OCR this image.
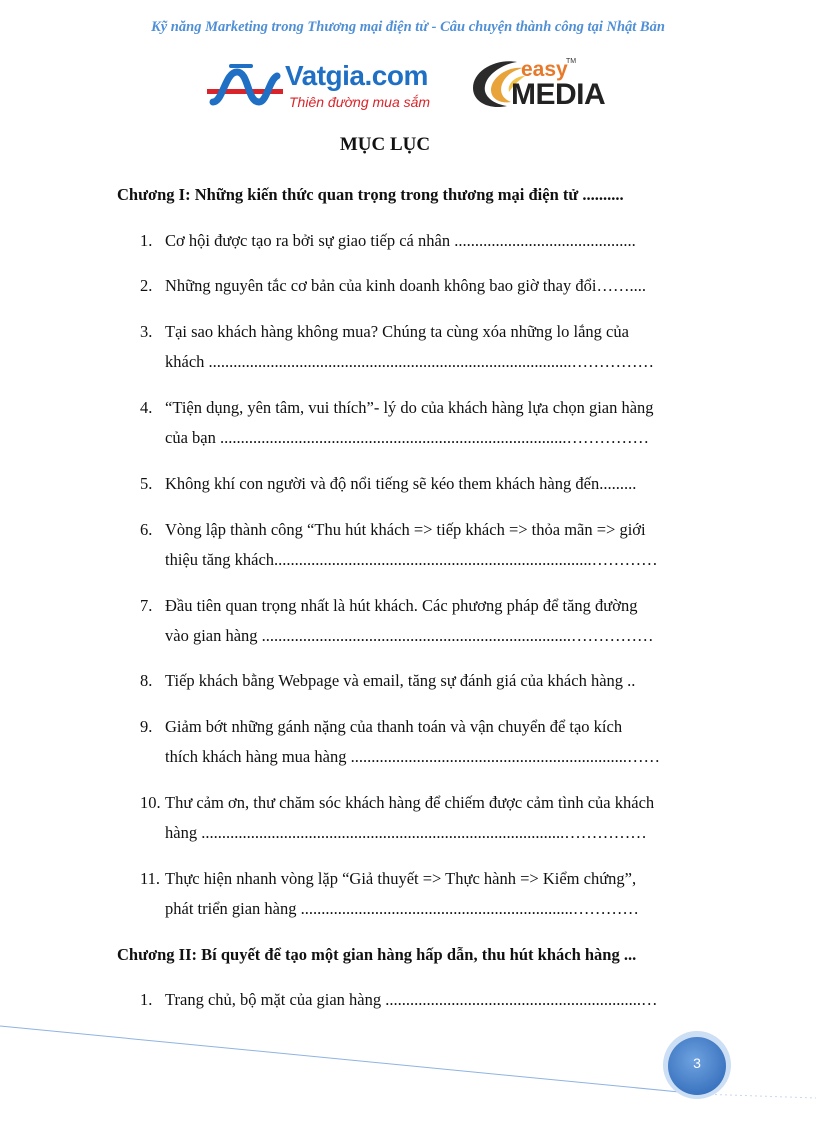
Kỹ năng Marketing trong Thương mại điện tử - Câu chuyện thành công tại Nhật Bản
Vatgia.com
Thiên đường mua sắm
easy
TM
MEDIA
MỤC LỤC
Chương I: Những kiến thức quan trọng trong thương mại điện tử ..........
1. Cơ hội được tạo ra bởi sự giao tiếp cá nhân ............................................
2. Những nguyên tắc cơ bản của kinh doanh không bao giờ thay đổi……....
3. Tại sao khách hàng không mua? Chúng ta cùng xóa những lo lắng của
khách ........................................................................................……………
4. “Tiện dụng, yên tâm, vui thích”- lý do của khách hàng lựa chọn gian hàng
của bạn ....................................................................................……………
5. Không khí con người và độ nổi tiếng sẽ kéo them khách hàng đến.........
6. Vòng lập thành công “Thu hút khách => tiếp khách => thỏa mãn => giới
thiệu tăng khách.............................................................................…………
7. Đầu tiên quan trọng nhất là hút khách. Các phương pháp để tăng đường
vào gian hàng ...........................................................................……………
8. Tiếp khách bằng Webpage và email, tăng sự đánh giá của khách hàng ..
9. Giảm bớt những gánh nặng của thanh toán và vận chuyển để tạo kích
thích khách hàng mua hàng ...................................................................……
10. Thư cảm ơn, thư chăm sóc khách hàng để chiếm được cảm tình của khách
hàng ........................................................................................……………
11. Thực hiện nhanh vòng lặp “Giả thuyết => Thực hành => Kiểm chứng”,
phát triển gian hàng ..................................................................…………
Chương II: Bí quyết để tạo một gian hàng hấp dẫn, thu hút khách hàng ...
1. Trang chủ, bộ mặt của gian hàng ..............................................................…
3
